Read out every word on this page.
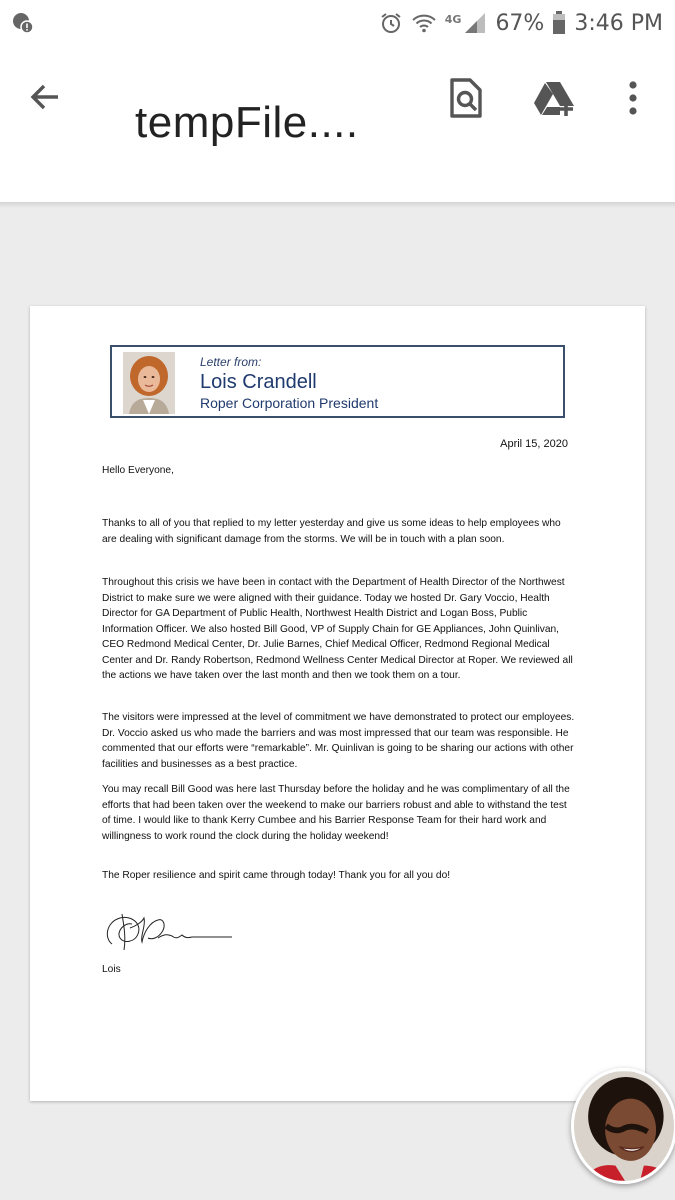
4G 67% 3:46 PM
tempFile....
Letter from:
Lois Crandell
Roper Corporation President
April 15, 2020
Hello Everyone,
Thanks to all of you that replied to my letter yesterday and give us some ideas to help employees who are dealing with significant damage from the storms. We will be in touch with a plan soon.
Throughout this crisis we have been in contact with the Department of Health Director of the Northwest District to make sure we were aligned with their guidance. Today we hosted Dr. Gary Voccio, Health Director for GA Department of Public Health, Northwest Health District and Logan Boss, Public Information Officer. We also hosted Bill Good, VP of Supply Chain for GE Appliances, John Quinlivan, CEO Redmond Medical Center, Dr. Julie Barnes, Chief Medical Officer, Redmond Regional Medical Center and Dr. Randy Robertson, Redmond Wellness Center Medical Director at Roper. We reviewed all the actions we have taken over the last month and then we took them on a tour.
The visitors were impressed at the level of commitment we have demonstrated to protect our employees. Dr. Voccio asked us who made the barriers and was most impressed that our team was responsible. He commented that our efforts were “remarkable”. Mr. Quinlivan is going to be sharing our actions with other facilities and businesses as a best practice.
You may recall Bill Good was here last Thursday before the holiday and he was complimentary of all the efforts that had been taken over the weekend to make our barriers robust and able to withstand the test of time. I would like to thank Kerry Cumbee and his Barrier Response Team for their hard work and willingness to work round the clock during the holiday weekend!
The Roper resilience and spirit came through today! Thank you for all you do!
Lois
